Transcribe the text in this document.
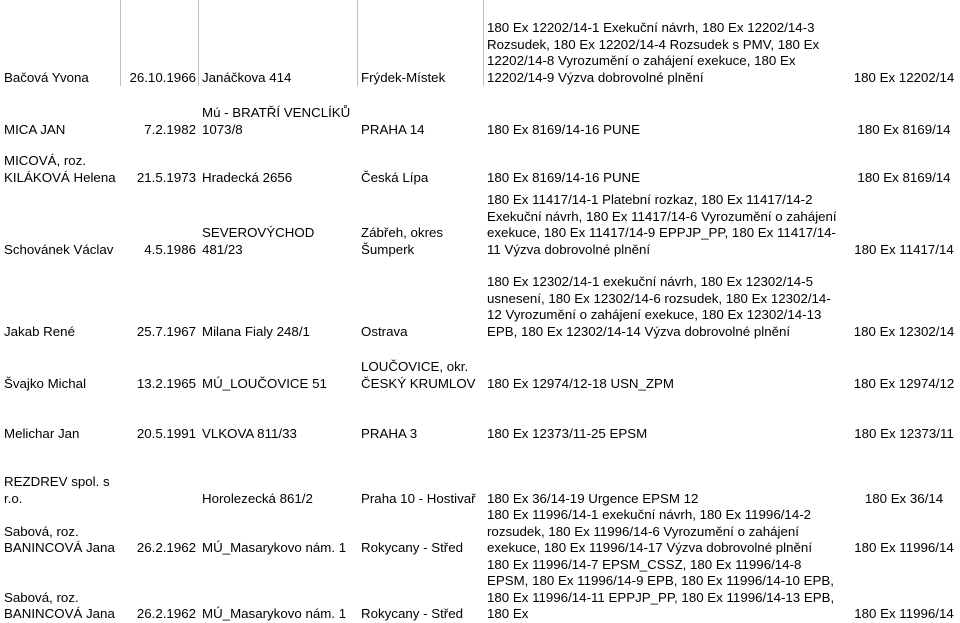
Bačová Yvona	26.10.1966	Janáčkova 414	Frýdek-Místek	180 Ex 12202/14-1 Exekuční návrh, 180 Ex 12202/14-3 Rozsudek, 180 Ex 12202/14-4 Rozsudek s PMV, 180 Ex 12202/14-8 Vyrozumění o zahájení exekuce, 180 Ex 12202/14-9 Výzva dobrovolné plnění	180 Ex 12202/14
MICA JAN	7.2.1982	Mú - BRATŘÍ VENCLÍKŮ 1073/8	PRAHA 14	180 Ex 8169/14-16 PUNE	180 Ex 8169/14
MICOVÁ, roz. KILÁKOVÁ Helena	21.5.1973	Hradecká 2656	Česká Lípa	180 Ex 8169/14-16 PUNE	180 Ex 8169/14
Schovánek Václav	4.5.1986	SEVEROVÝCHOD 481/23	Zábřeh, okres Šumperk	180 Ex 11417/14-1 Platební rozkaz, 180 Ex 11417/14-2 Exekuční návrh, 180 Ex 11417/14-6 Vyrozumění o zahájení exekuce, 180 Ex 11417/14-9 EPPJP_PP, 180 Ex 11417/14-11 Výzva dobrovolné plnění	180 Ex 11417/14
Jakab René	25.7.1967	Milana Fialy 248/1	Ostrava	180 Ex 12302/14-1 exekuční návrh, 180 Ex 12302/14-5 usnesení, 180 Ex 12302/14-6 rozsudek, 180 Ex 12302/14-12 Vyrozumění o zahájení exekuce, 180 Ex 12302/14-13 EPB, 180 Ex 12302/14-14 Výzva dobrovolné plnění	180 Ex 12302/14
Švajko Michal	13.2.1965	MÚ_LOUČOVICE 51	LOUČOVICE, okr. ČESKÝ KRUMLOV	180 Ex 12974/12-18 USN_ZPM	180 Ex 12974/12
Melichar Jan	20.5.1991	VLKOVA 811/33	PRAHA 3	180 Ex 12373/11-25 EPSM	180 Ex 12373/11
REZDREV spol. s r.o.		Horolezecká 861/2	Praha 10 - Hostivař	180 Ex 36/14-19 Urgence EPSM 12	180 Ex 36/14
Sabová, roz. BANINCOVÁ Jana	26.2.1962	MÚ_Masarykovo nám. 1	Rokycany - Střed	180 Ex 11996/14-1 exekuční návrh, 180 Ex 11996/14-2 rozsudek, 180 Ex 11996/14-6 Vyrozumění o zahájení exekuce, 180 Ex 11996/14-17 Výzva dobrovolné plnění	180 Ex 11996/14
Sabová, roz. BANINCOVÁ Jana	26.2.1962	MÚ_Masarykovo nám. 1	Rokycany - Střed	180 Ex 11996/14-7 EPSM_CSSZ, 180 Ex 11996/14-8 EPSM, 180 Ex 11996/14-9 EPB, 180 Ex 11996/14-10 EPB, 180 Ex 11996/14-11 EPPJP_PP, 180 Ex 11996/14-13 EPB, 180 Ex	180 Ex 11996/14
